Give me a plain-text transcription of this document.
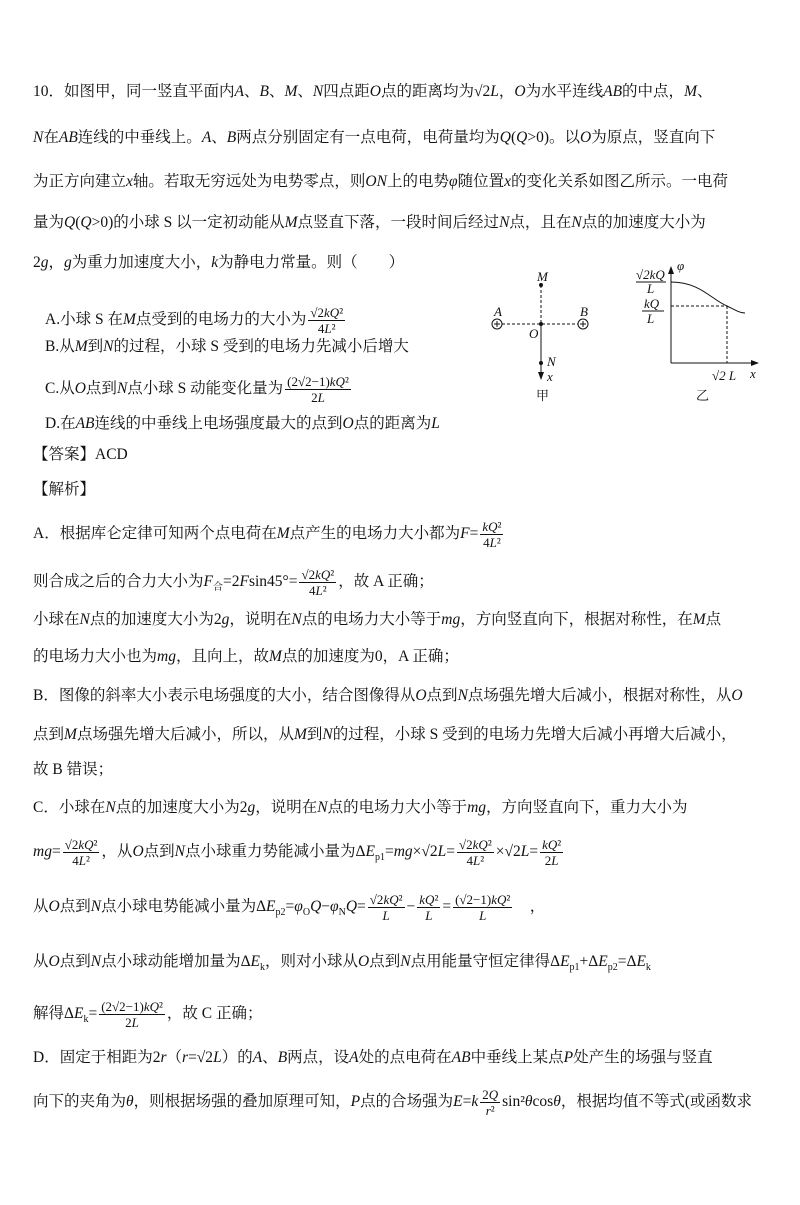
10．如图甲，同一竖直平面内A、B、M、N四点距O点的距离均为√2L，O为水平连线AB的中点，M、
N在AB连线的中垂线上。A、B两点分别固定有一点电荷，电荷量均为Q(Q>0)。以O为原点，竖直向下
为正方向建立x轴。若取无穷远处为电势零点，则ON上的电势φ随位置x的变化关系如图乙所示。一电荷
量为Q(Q>0)的小球 S 以一定初动能从M点竖直下落，一段时间后经过N点，且在N点的加速度大小为
2g，g为重力加速度大小，k为静电力常量。则（　　）
A.小球 S 在M点受到的电场力的大小为 $\frac{\text{√2kQ²}}{\text{4L²}}$
B.从M到N的过程，小球 S 受到的电场力先减小后增大
C.从O点到N点小球 S 动能变化量为 $\frac{\text{(2√2−1)kQ²}}{2L}$
D.在AB连线的中垂线上电场强度最大的点到O点的距离为L
【答案】ACD
【解析】
A．根据库仑定律可知两个点电荷在M点产生的电场力大小都为$F= \frac{\text{kQ²}}{\text{4L²}}$
则合成之后的合力大小为$F_合=2Fsin45^\circ= \frac{\text{√2kQ²}}{\text{4L²}}$ ，故 A 正确；
小球在N点的加速度大小为2g，说明在N点的电场力大小等于mg，方向竖直向下，根据对称性，在M点
的电场力大小也为mg，且向上，故M点的加速度为0，A 正确；
B．图像的斜率大小表示电场强度的大小，结合图像得从O点到N点场强先增大后减小，根据对称性，从O
点到M点场强先增大后减小，所以，从M到N的过程，小球 S 受到的电场力先增大后减小再增大后减小，
故 B 错误；
C．小球在N点的加速度大小为2g，说明在N点的电场力大小等于mg，方向竖直向下，重力大小为
$mg= \frac{\text{√2kQ²}}{\text{4L²}}$ ，从O点到N点小球重力势能减小量为$\Delta E_{p1}=mg\times√2L= \frac{\text{√2kQ²}}{\text{4L²}} \times√2L= \frac{\text{kQ²}}{2L}$
从O点到N点小球电势能减小量为$\Delta E_{p2}=\varphi_OQ-\varphi_NQ= \frac{\text{√2kQ²}}{L} - \frac{\text{kQ²}}{L} = \frac{\text{(√2−1)kQ²}}{L}$ 　，
从O点到N点小球动能增加量为$\Delta E_k$，则对小球从O点到N点用能量守恒定律得$\Delta E_{p1}+\Delta E_{p2}=\Delta E_k$
解得$\Delta E_k= \frac{\text{(2√2−1)kQ²}}{2L}$ ，故 C 正确；
D．固定于相距为2r（r=√2L）的A、B两点，设A处的点电荷在AB中垂线上某点P处产生的场强与竖直
向下的夹角为θ，则根据场强的叠加原理可知，P点的合场强为$E=k \frac{2Q}{\text{r²}} \sin^2\theta\cos\theta$，根据均值不等式(或函数求
M
A	B
O
N
x
甲
φ
x
√2kQ
L
kQ
L
√2 L
乙
